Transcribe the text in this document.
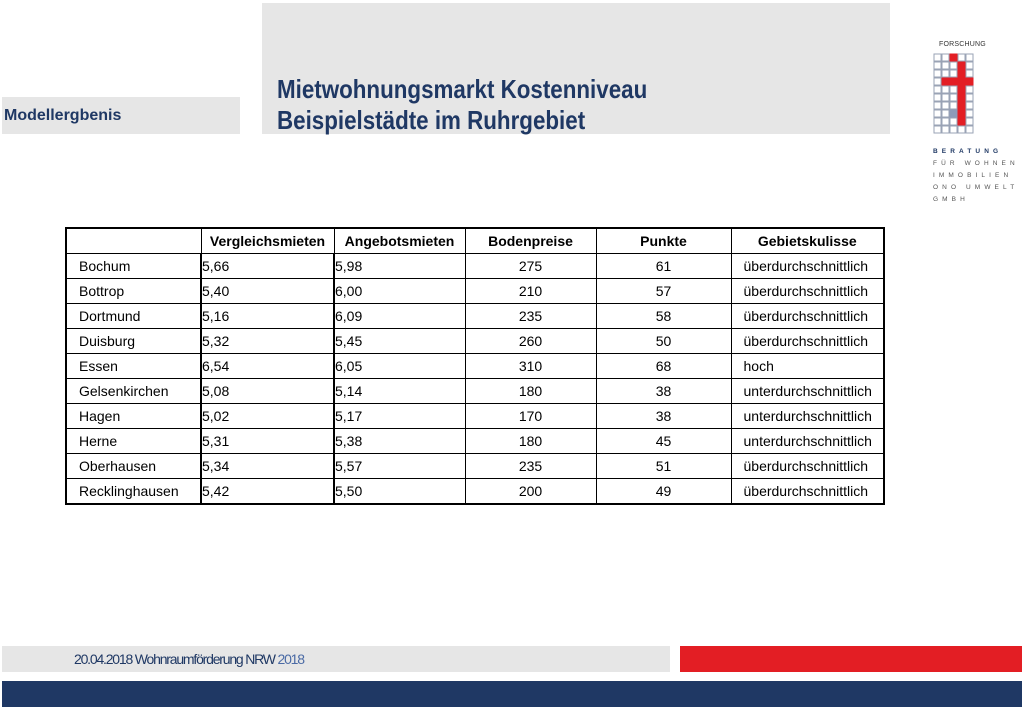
Modellergbenis
Mietwohnungsmarkt Kostenniveau
Beispielstädte im Ruhrgebiet
FORSCHUNG
BERATUNG
FÜR WOHNEN
IMMOBILIEN
ONO UMWELT
GMBH
	Vergleichsmieten	Angebotsmieten	Bodenpreise	Punkte	Gebietskulisse
Bochum	5,66	5,98	275	61	überdurchschnittlich
Bottrop	5,40	6,00	210	57	überdurchschnittlich
Dortmund	5,16	6,09	235	58	überdurchschnittlich
Duisburg	5,32	5,45	260	50	überdurchschnittlich
Essen	6,54	6,05	310	68	hoch
Gelsenkirchen	5,08	5,14	180	38	unterdurchschnittlich
Hagen	5,02	5,17	170	38	unterdurchschnittlich
Herne	5,31	5,38	180	45	unterdurchschnittlich
Oberhausen	5,34	5,57	235	51	überdurchschnittlich
Recklinghausen	5,42	5,50	200	49	überdurchschnittlich
20.04.2018 Wohnraumförderung NRW 2018
